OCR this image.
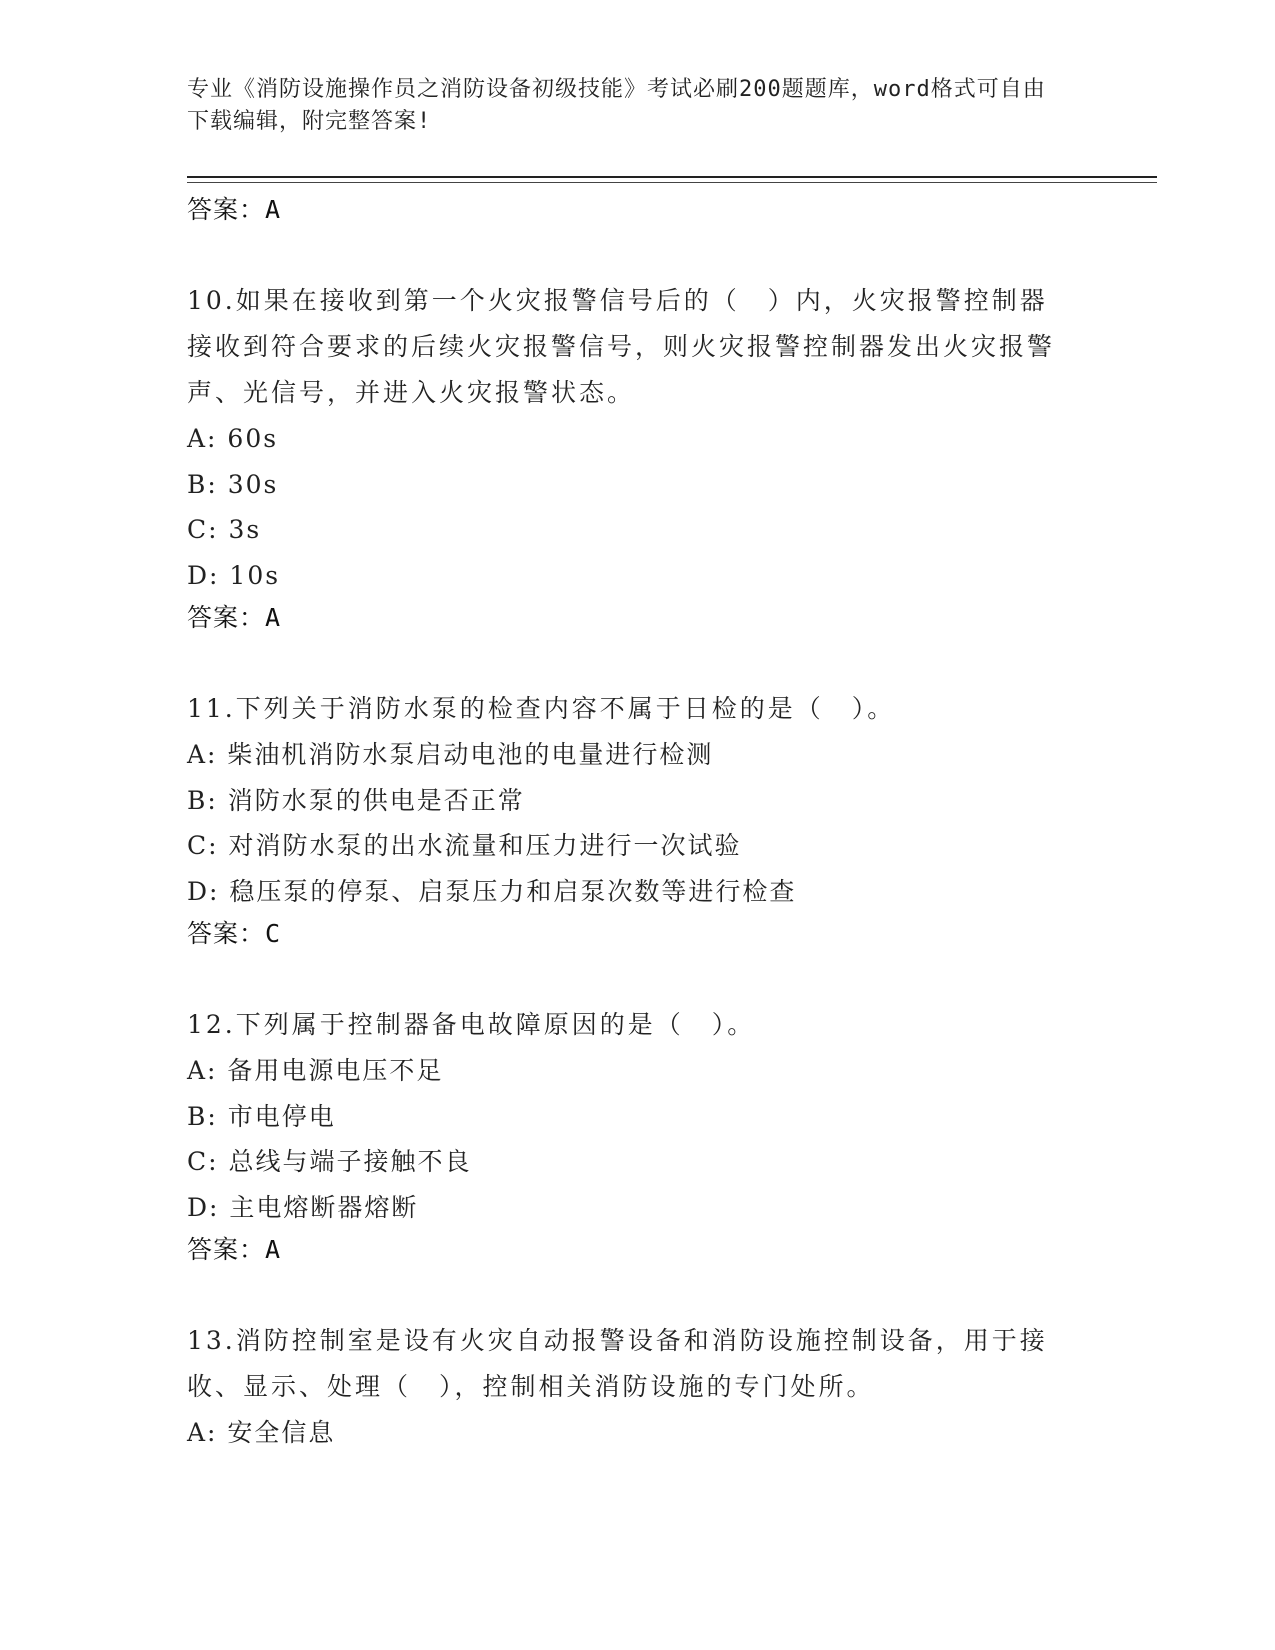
专业《消防设施操作员之消防设备初级技能》考试必刷200题题库，word格式可自由下载编辑，附完整答案!
答案：A
10.如果在接收到第一个火灾报警信号后的（　）内，火灾报警控制器接收到符合要求的后续火灾报警信号，则火灾报警控制器发出火灾报警声、光信号，并进入火灾报警状态。
A: 60s
B: 30s
C: 3s
D: 10s
答案：A
11.下列关于消防水泵的检查内容不属于日检的是（　）。
A: 柴油机消防水泵启动电池的电量进行检测
B: 消防水泵的供电是否正常
C: 对消防水泵的出水流量和压力进行一次试验
D: 稳压泵的停泵、启泵压力和启泵次数等进行检查
答案：C
12.下列属于控制器备电故障原因的是（　）。
A: 备用电源电压不足
B: 市电停电
C: 总线与端子接触不良
D: 主电熔断器熔断
答案：A
13.消防控制室是设有火灾自动报警设备和消防设施控制设备，用于接收、显示、处理（　），控制相关消防设施的专门处所。
A: 安全信息
